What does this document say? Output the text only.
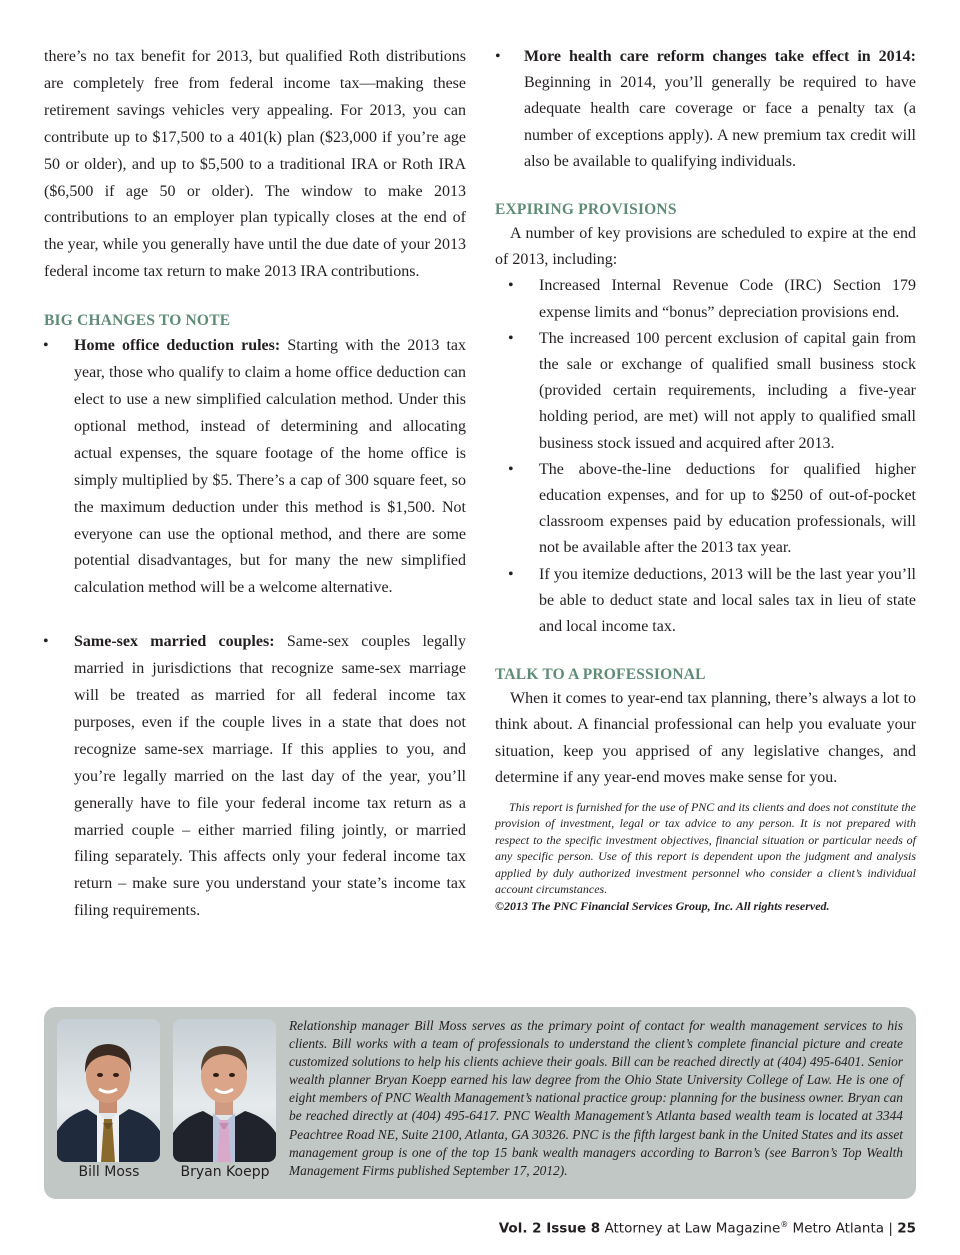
there’s no tax benefit for 2013, but qualified Roth distributions are completely free from federal income tax—making these retirement savings vehicles very appealing. For 2013, you can contribute up to $17,500 to a 401(k) plan ($23,000 if you’re age 50 or older), and up to $5,500 to a traditional IRA or Roth IRA ($6,500 if age 50 or older). The window to make 2013 contributions to an employer plan typically closes at the end of the year, while you generally have until the due date of your 2013 federal income tax return to make 2013 IRA contributions.

BIG CHANGES TO NOTE
• Home office deduction rules: Starting with the 2013 tax year, those who qualify to claim a home office deduction can elect to use a new simplified calculation method. Under this optional method, instead of determining and allocating actual expenses, the square footage of the home office is simply multiplied by $5. There’s a cap of 300 square feet, so the maximum deduction under this method is $1,500. Not everyone can use the optional method, and there are some potential disadvantages, but for many the new simplified calculation method will be a welcome alternative.
• Same-sex married couples: Same-sex couples legally married in jurisdictions that recognize same-sex marriage will be treated as married for all federal income tax purposes, even if the couple lives in a state that does not recognize same-sex marriage. If this applies to you, and you’re legally married on the last day of the year, you’ll generally have to file your federal income tax return as a married couple – either married filing jointly, or married filing separately. This affects only your federal income tax return – make sure you understand your state’s income tax filing requirements.
• More health care reform changes take effect in 2014: Beginning in 2014, you’ll generally be required to have adequate health care coverage or face a penalty tax (a number of exceptions apply). A new premium tax credit will also be available to qualifying individuals.
EXPIRING PROVISIONS

A number of key provisions are scheduled to expire at the end of 2013, including:

• Increased Internal Revenue Code (IRC) Section 179 expense limits and “bonus” depreciation provisions end.
• The increased 100 percent exclusion of capital gain from the sale or exchange of qualified small business stock (provided certain requirements, including a five-year holding period, are met) will not apply to qualified small business stock issued and acquired after 2013.
• The above-the-line deductions for qualified higher education expenses, and for up to $250 of out-of-pocket classroom expenses paid by education professionals, will not be available after the 2013 tax year.
• If you itemize deductions, 2013 will be the last year you’ll be able to deduct state and local sales tax in lieu of state and local income tax.
TALK TO A PROFESSIONAL

When it comes to year-end tax planning, there’s always a lot to think about. A financial professional can help you evaluate your situation, keep you apprised of any legislative changes, and determine if any year-end moves make sense for you.

This report is furnished for the use of PNC and its clients and does not constitute the provision of investment, legal or tax advice to any person. It is not prepared with respect to the specific investment objectives, financial situation or particular needs of any specific person. Use of this report is dependent upon the judgment and analysis applied by duly authorized investment personnel who consider a client’s individual account circumstances.

©2013 The PNC Financial Services Group, Inc. All rights reserved.

Bill Moss	Bryan Koepp

Relationship manager Bill Moss serves as the primary point of contact for wealth management services to his clients. Bill works with a team of professionals to understand the client’s complete financial picture and create customized solutions to help his clients achieve their goals. Bill can be reached directly at (404) 495-6401. Senior wealth planner Bryan Koepp earned his law degree from the Ohio State University College of Law. He is one of eight members of PNC Wealth Management’s national practice group: planning for the business owner. Bryan can be reached directly at (404) 495-6417. PNC Wealth Management’s Atlanta based wealth team is located at 3344 Peachtree Road NE, Suite 2100, Atlanta, GA 30326. PNC is the fifth largest bank in the United States and its asset management group is one of the top 15 bank wealth managers according to Barron’s (see Barron’s Top Wealth Management Firms published September 17, 2012).

Vol. 2 Issue 8 Attorney at Law Magazine® Metro Atlanta | 25
